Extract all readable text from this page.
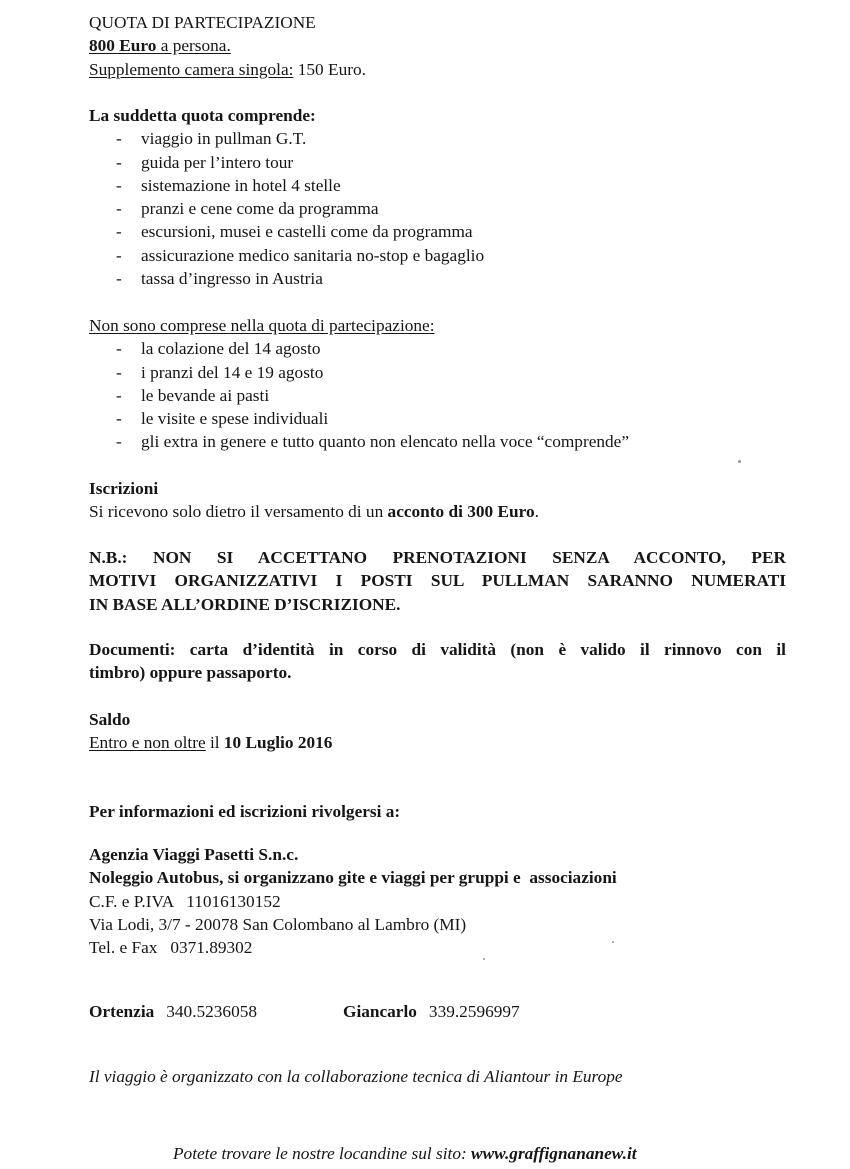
QUOTA DI PARTECIPAZIONE
800 Euro a persona.
Supplemento camera singola: 150 Euro.
La suddetta quota comprende:
- viaggio in pullman G.T.
- guida per l’intero tour
- sistemazione in hotel 4 stelle
- pranzi e cene come da programma
- escursioni, musei e castelli come da programma
- assicurazione medico sanitaria no-stop e bagaglio
- tassa d’ingresso in Austria
Non sono comprese nella quota di partecipazione:
- la colazione del 14 agosto
- i pranzi del 14 e 19 agosto
- le bevande ai pasti
- le visite e spese individuali
- gli extra in genere e tutto quanto non elencato nella voce “comprende”
Iscrizioni
Si ricevono solo dietro il versamento di un acconto di 300 Euro.
N.B.: NON SI ACCETTANO PRENOTAZIONI SENZA ACCONTO, PER
MOTIVI ORGANIZZATIVI I POSTI SUL PULLMAN SARANNO NUMERATI
IN BASE ALL’ORDINE D’ISCRIZIONE.
Documenti: carta d’identità in corso di validità (non è valido il rinnovo con il
timbro) oppure passaporto.
Saldo
Entro e non oltre il 10 Luglio 2016
Per informazioni ed iscrizioni rivolgersi a:
Agenzia Viaggi Pasetti S.n.c.
Noleggio Autobus, si organizzano gite e viaggi per gruppi e  associazioni
C.F. e P.IVA   11016130152
Via Lodi, 3/7 - 20078 San Colombano al Lambro (MI)
Tel. e Fax   0371.89302
Ortenzia 340.5236058	Giancarlo 339.2596997
Il viaggio è organizzato con la collaborazione tecnica di Aliantour in Europe
Potete trovare le nostre locandine sul sito: www.graffignananew.it
